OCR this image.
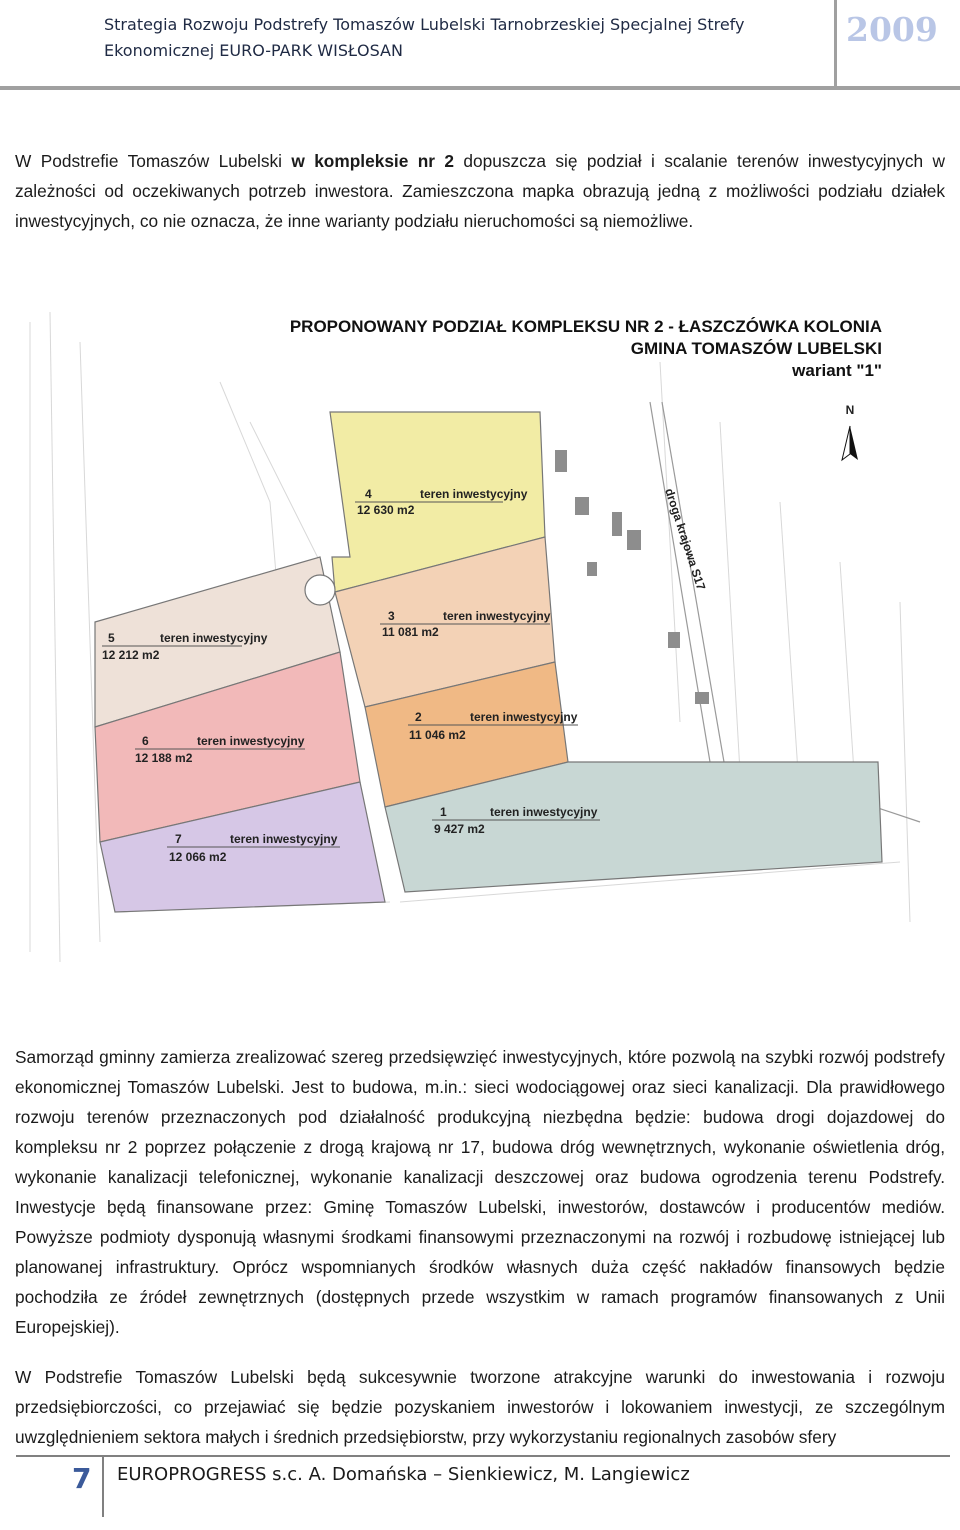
Strategia Rozwoju Podstrefy Tomaszów Lubelski Tarnobrzeskiej Specjalnej Strefy
Ekonomicznej EURO-PARK WISŁOSAN
2009
W Podstrefie Tomaszów Lubelski w kompleksie nr 2 dopuszcza się podział i scalanie terenów inwestycyjnych w zależności od oczekiwanych potrzeb inwestora. Zamieszczona mapka obrazują jedną z możliwości podziału działek inwestycyjnych, co nie oznacza, że inne warianty podziału nieruchomości są niemożliwe.
PROPONOWANY PODZIAŁ KOMPLEKSU NR 2 - ŁASZCZÓWKA KOLONIA
GMINA TOMASZÓW LUBELSKI
wariant "1"
N
droga krajowa S17
4	teren inwestycyjny
12 630 m2
3	teren inwestycyjny
11 081 m2
2	teren inwestycyjny
11 046 m2
1	teren inwestycyjny
9 427 m2
5	teren inwestycyjny
12 212 m2
6	teren inwestycyjny
12 188 m2
7	teren inwestycyjny
12 066 m2
Samorząd gminny zamierza zrealizować szereg przedsięwzięć inwestycyjnych, które pozwolą na szybki rozwój podstrefy ekonomicznej Tomaszów Lubelski. Jest to budowa, m.in.: sieci wodociągowej oraz sieci kanalizacji. Dla prawidłowego rozwoju terenów przeznaczonych pod działalność produkcyjną niezbędna będzie: budowa drogi dojazdowej do kompleksu nr 2 poprzez połączenie z drogą krajową nr 17, budowa dróg wewnętrznych, wykonanie oświetlenia dróg, wykonanie kanalizacji telefonicznej, wykonanie kanalizacji deszczowej oraz budowa ogrodzenia terenu Podstrefy. Inwestycje będą finansowane przez: Gminę Tomaszów Lubelski, inwestorów, dostawców i producentów mediów. Powyższe podmioty dysponują własnymi środkami finansowymi przeznaczonymi na rozwój i rozbudowę istniejącej lub planowanej infrastruktury. Oprócz wspomnianych środków własnych duża część nakładów finansowych będzie pochodziła ze źródeł zewnętrznych (dostępnych przede wszystkim w ramach programów finansowanych z Unii Europejskiej).
W Podstrefie Tomaszów Lubelski będą sukcesywnie tworzone atrakcyjne warunki do inwestowania i rozwoju przedsiębiorczości, co przejawiać się będzie pozyskaniem inwestorów i lokowaniem inwestycji, ze szczególnym uwzględnieniem sektora małych i średnich przedsiębiorstw, przy wykorzystaniu regionalnych zasobów sfery
7 EUROPROGRESS s.c. A. Domańska – Sienkiewicz, M. Langiewicz
